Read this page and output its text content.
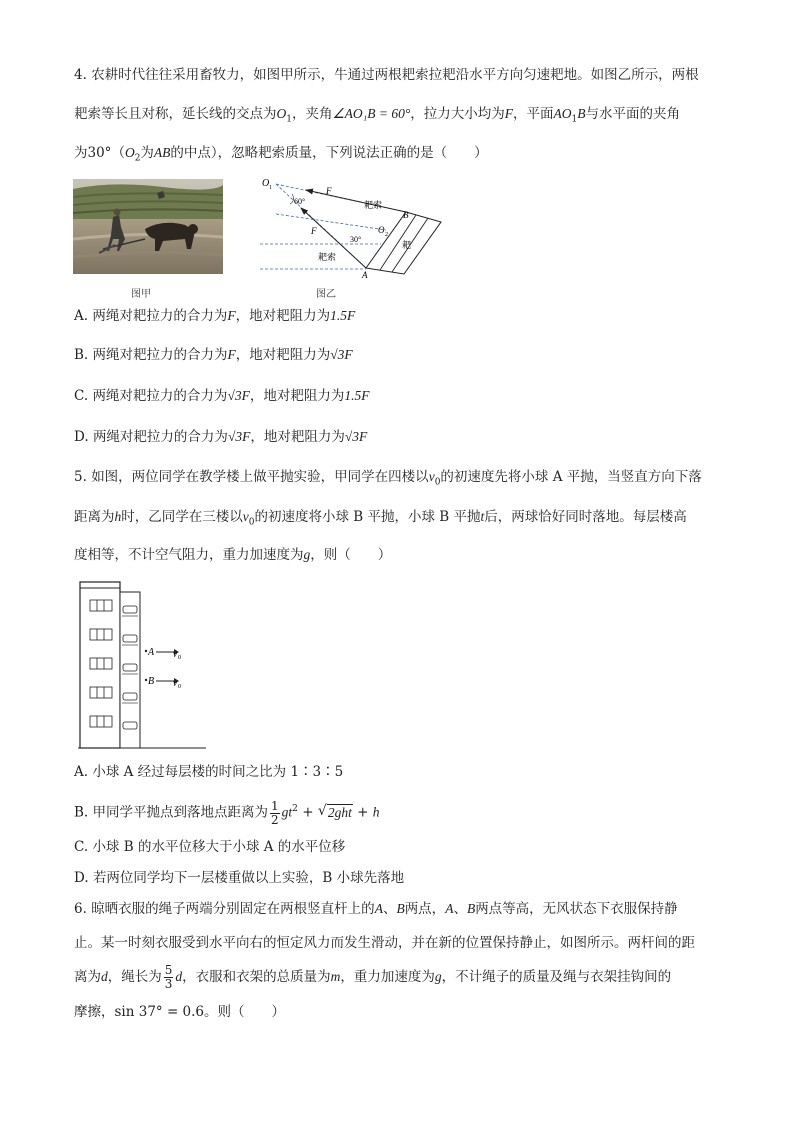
4. 农耕时代往往采用畜牧力，如图甲所示，牛通过两根耙索拉耙沿水平方向匀速耙地。如图乙所示，两根
耙索等长且对称，延长线的交点为$O_1$，夹角∠AO₁B = 60°，拉力大小均为F，平面$AO_1B$与水平面的夹角
为$30^\circ(O_2$为AB的中点），忽略耙索质量，下列说法正确的是（　　）
图甲
O 1	F
F
60°	耙索
耙索
30°
O 2
耙
B
A
图乙
A. 两绳对耙拉力的合力为F，地对耙阻力为1.5F
B. 两绳对耙拉力的合力为F，地对耙阻力为√3F
C. 两绳对耙拉力的合力为√3F，地对耙阻力为1.5F
D. 两绳对耙拉力的合力为√3F，地对耙阻力为√3F
5. 如图，两位同学在教学楼上做平抛实验，甲同学在四楼以$v_0$的初速度先将小球 A 平抛，当竖直方向下落
距离为h时，乙同学在三楼以$v_0$的初速度将小球 B 平抛，小球 B 平抛t后，两球恰好同时落地。每层楼高
度相等，不计空气阻力，重力加速度为g，则（　　）
A v 0
B v 0
A. 小球 A 经过每层楼的时间之比为 1∶3∶5
B. 甲同学平抛点到落地点距离为 $\frac{1}{2} gt^2$ + √ 2ght + h
C. 小球 B 的水平位移大于小球 A 的水平位移
D. 若两位同学均下一层楼重做以上实验，B 小球先落地
6. 晾晒衣服的绳子两端分别固定在两根竖直杆上的A、B两点，A、B两点等高，无风状态下衣服保持静
止。某一时刻衣服受到水平向右的恒定风力而发生滑动，并在新的位置保持静止，如图所示。两杆间的距
离为d，绳长为 $\frac{5}{3}$ d，衣服和衣架的总质量为m，重力加速度为g，不计绳子的质量及绳与衣架挂钩间的
摩擦，sin 37° = 0.6。则（　　）
